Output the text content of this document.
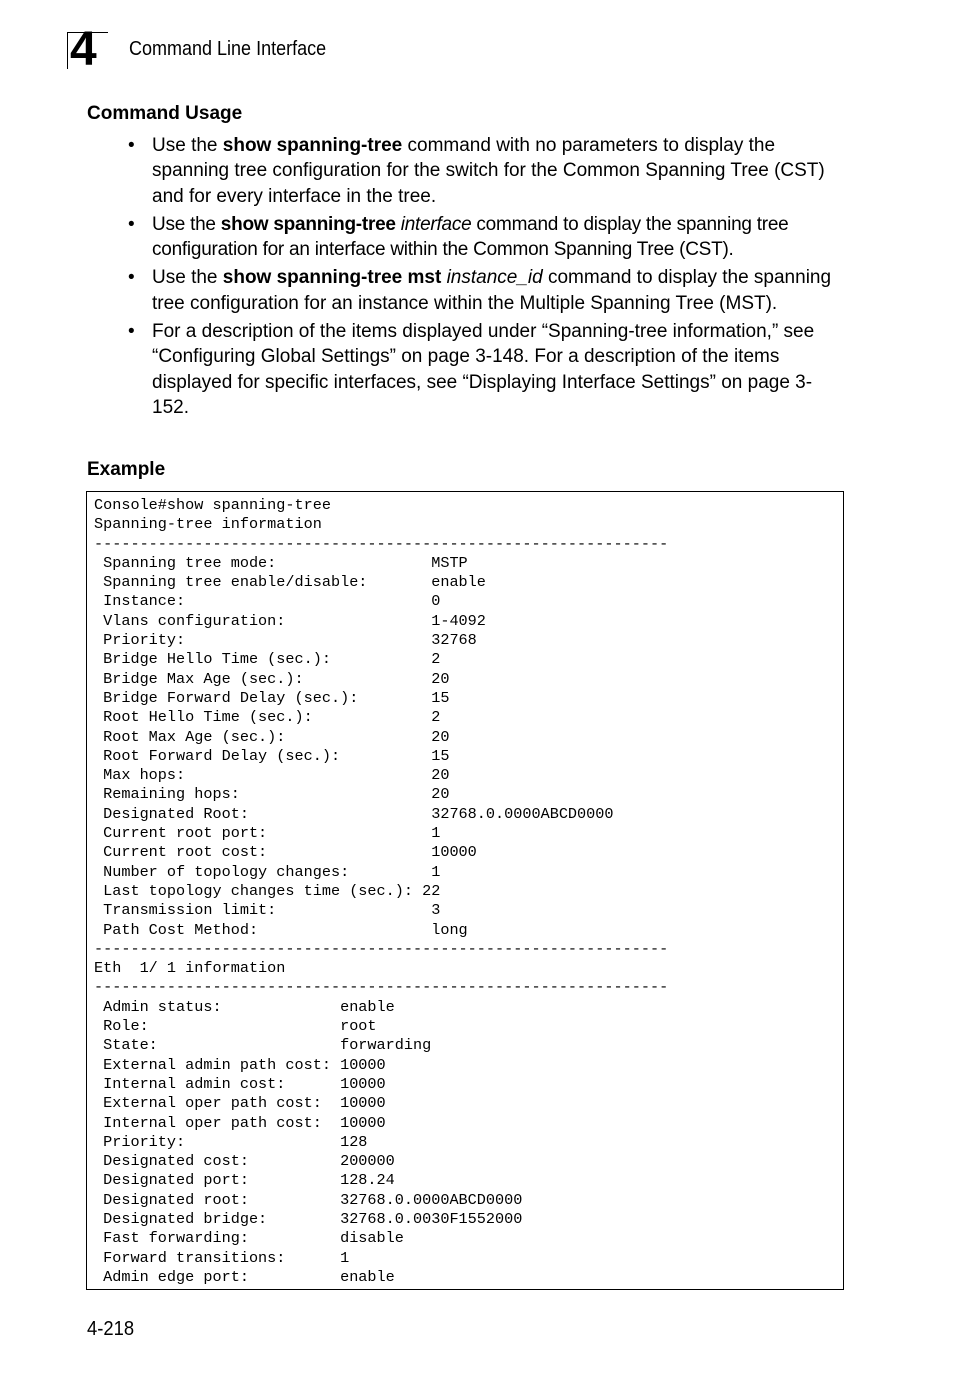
4 Command Line Interface
Command Usage
• Use the show spanning-tree command with no parameters to display the spanning tree configuration for the switch for the Common Spanning Tree (CST) and for every interface in the tree.
• Use the show spanning-tree interface command to display the spanning tree configuration for an interface within the Common Spanning Tree (CST).
• Use the show spanning-tree mst instance_id command to display the spanning tree configuration for an instance within the Multiple Spanning Tree (MST).
• For a description of the items displayed under “Spanning-tree information,” see “Configuring Global Settings” on page 3-148. For a description of the items displayed for specific interfaces, see “Displaying Interface Settings” on page 3-152.
Example
Console#show spanning-tree
Spanning-tree information
---------------------------------------------------------------
Spanning tree mode:                 MSTP
Spanning tree enable/disable:       enable
Instance:                           0
Vlans configuration:                1-4092
Priority:                           32768
Bridge Hello Time (sec.):           2
Bridge Max Age (sec.):              20
Bridge Forward Delay (sec.):        15
Root Hello Time (sec.):             2
Root Max Age (sec.):                20
Root Forward Delay (sec.):          15
Max hops:                           20
Remaining hops:                     20
Designated Root:                    32768.0.0000ABCD0000
Current root port:                  1
Current root cost:                  10000
Number of topology changes:         1
Last topology changes time (sec.): 22
Transmission limit:                 3
Path Cost Method:                   long
---------------------------------------------------------------
Eth  1/ 1 information
---------------------------------------------------------------
Admin status:             enable
Role:                     root
State:                    forwarding
External admin path cost: 10000
Internal admin cost:      10000
External oper path cost:  10000
Internal oper path cost:  10000
Priority:                 128
Designated cost:          200000
Designated port:          128.24
Designated root:          32768.0.0000ABCD0000
Designated bridge:        32768.0.0030F1552000
Fast forwarding:          disable
Forward transitions:      1
Admin edge port:          enable
4-218
